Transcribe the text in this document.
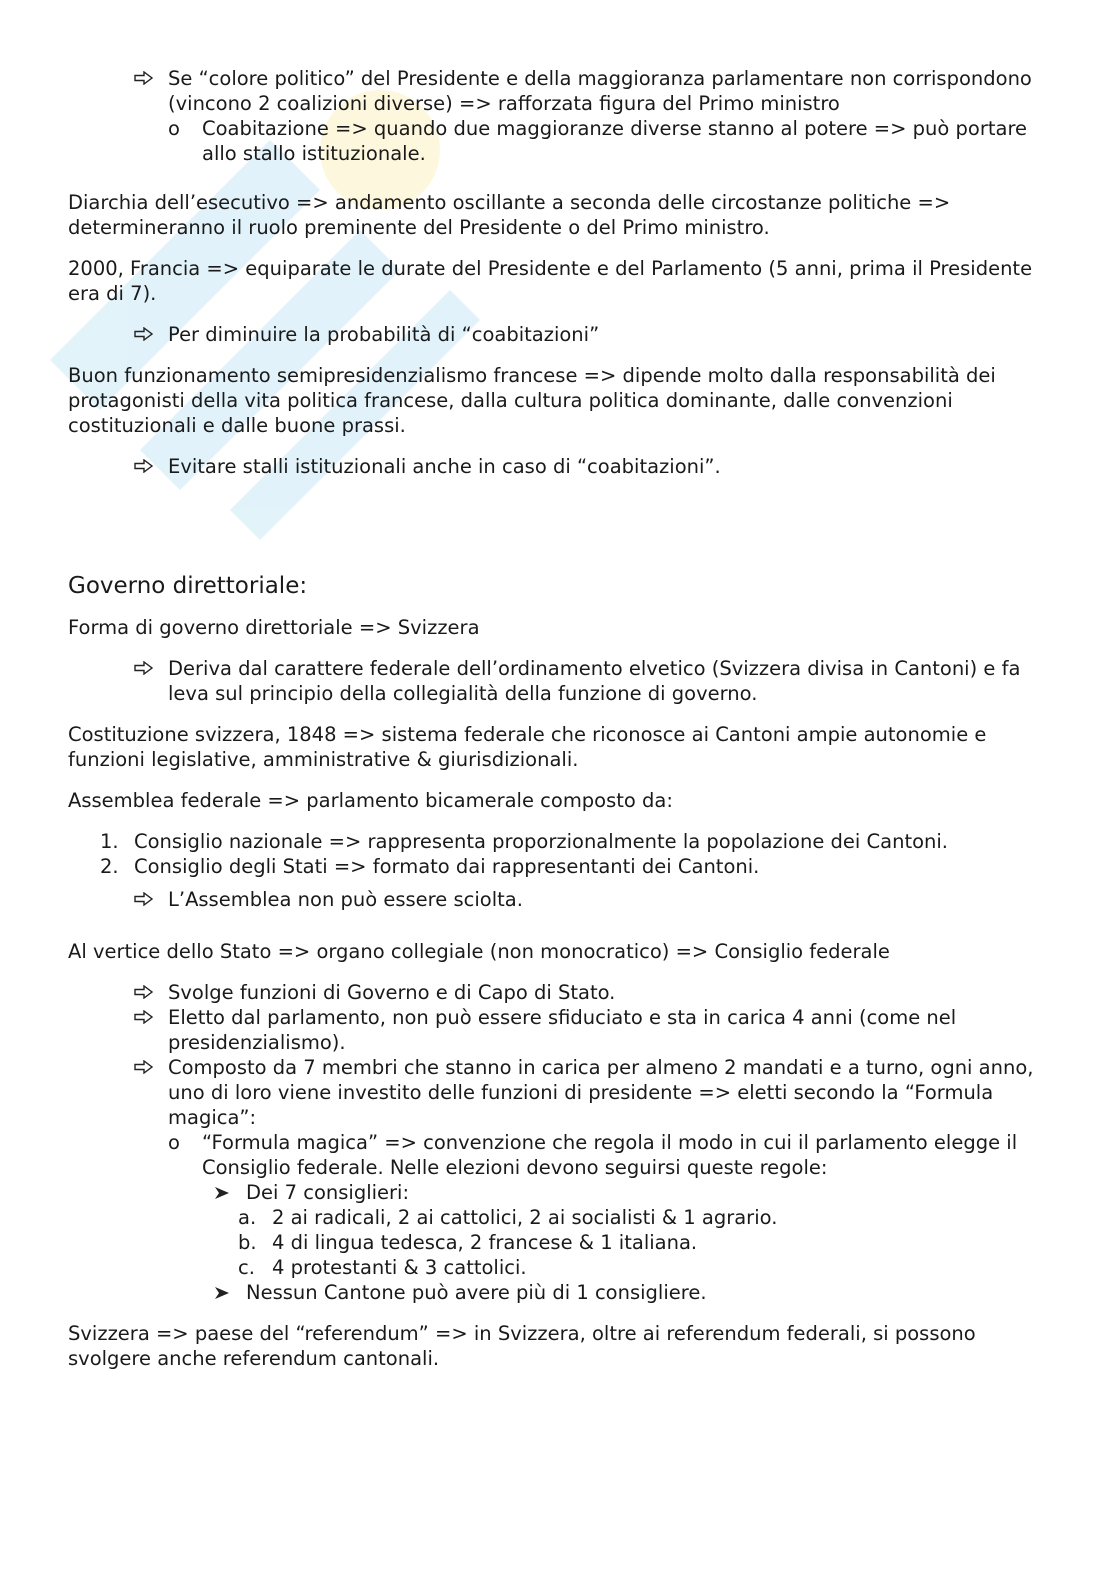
Se “colore politico” del Presidente e della maggioranza parlamentare non corrispondono (vincono 2 coalizioni diverse) => rafforzata figura del Primo ministro

o Coabitazione => quando due maggioranze diverse stanno al potere => può portare allo stallo istituzionale.

Diarchia dell’esecutivo => andamento oscillante a seconda delle circostanze politiche => determineranno il ruolo preminente del Presidente o del Primo ministro.

2000, Francia => equiparate le durate del Presidente e del Parlamento (5 anni, prima il Presidente era di 7).

Per diminuire la probabilità di “coabitazioni”

Buon funzionamento semipresidenzialismo francese => dipende molto dalla responsabilità dei protagonisti della vita politica francese, dalla cultura politica dominante, dalle convenzioni costituzionali e dalle buone prassi.

Evitare stalli istituzionali anche in caso di “coabitazioni”.

Governo direttoriale:

Forma di governo direttoriale => Svizzera

Deriva dal carattere federale dell’ordinamento elvetico (Svizzera divisa in Cantoni) e fa leva sul principio della collegialità della funzione di governo.

Costituzione svizzera, 1848 => sistema federale che riconosce ai Cantoni ampie autonomie e funzioni legislative, amministrative & giurisdizionali.

Assemblea federale => parlamento bicamerale composto da:

1. Consiglio nazionale => rappresenta proporzionalmente la popolazione dei Cantoni.

2. Consiglio degli Stati => formato dai rappresentanti dei Cantoni.

L’Assemblea non può essere sciolta.

Al vertice dello Stato => organo collegiale (non monocratico) => Consiglio federale

Svolge funzioni di Governo e di Capo di Stato.

Eletto dal parlamento, non può essere sfiduciato e sta in carica 4 anni (come nel presidenzialismo).

Composto da 7 membri che stanno in carica per almeno 2 mandati e a turno, ogni anno, uno di loro viene investito delle funzioni di presidente => eletti secondo la “Formula magica”:

o “Formula magica” => convenzione che regola il modo in cui il parlamento elegge il Consiglio federale. Nelle elezioni devono seguirsi queste regole:

Dei 7 consiglieri:

a. 2 ai radicali, 2 ai cattolici, 2 ai socialisti & 1 agrario.

b. 4 di lingua tedesca, 2 francese & 1 italiana.

c. 4 protestanti & 3 cattolici.

Nessun Cantone può avere più di 1 consigliere.

Svizzera => paese del “referendum” => in Svizzera, oltre ai referendum federali, si possono svolgere anche referendum cantonali.
